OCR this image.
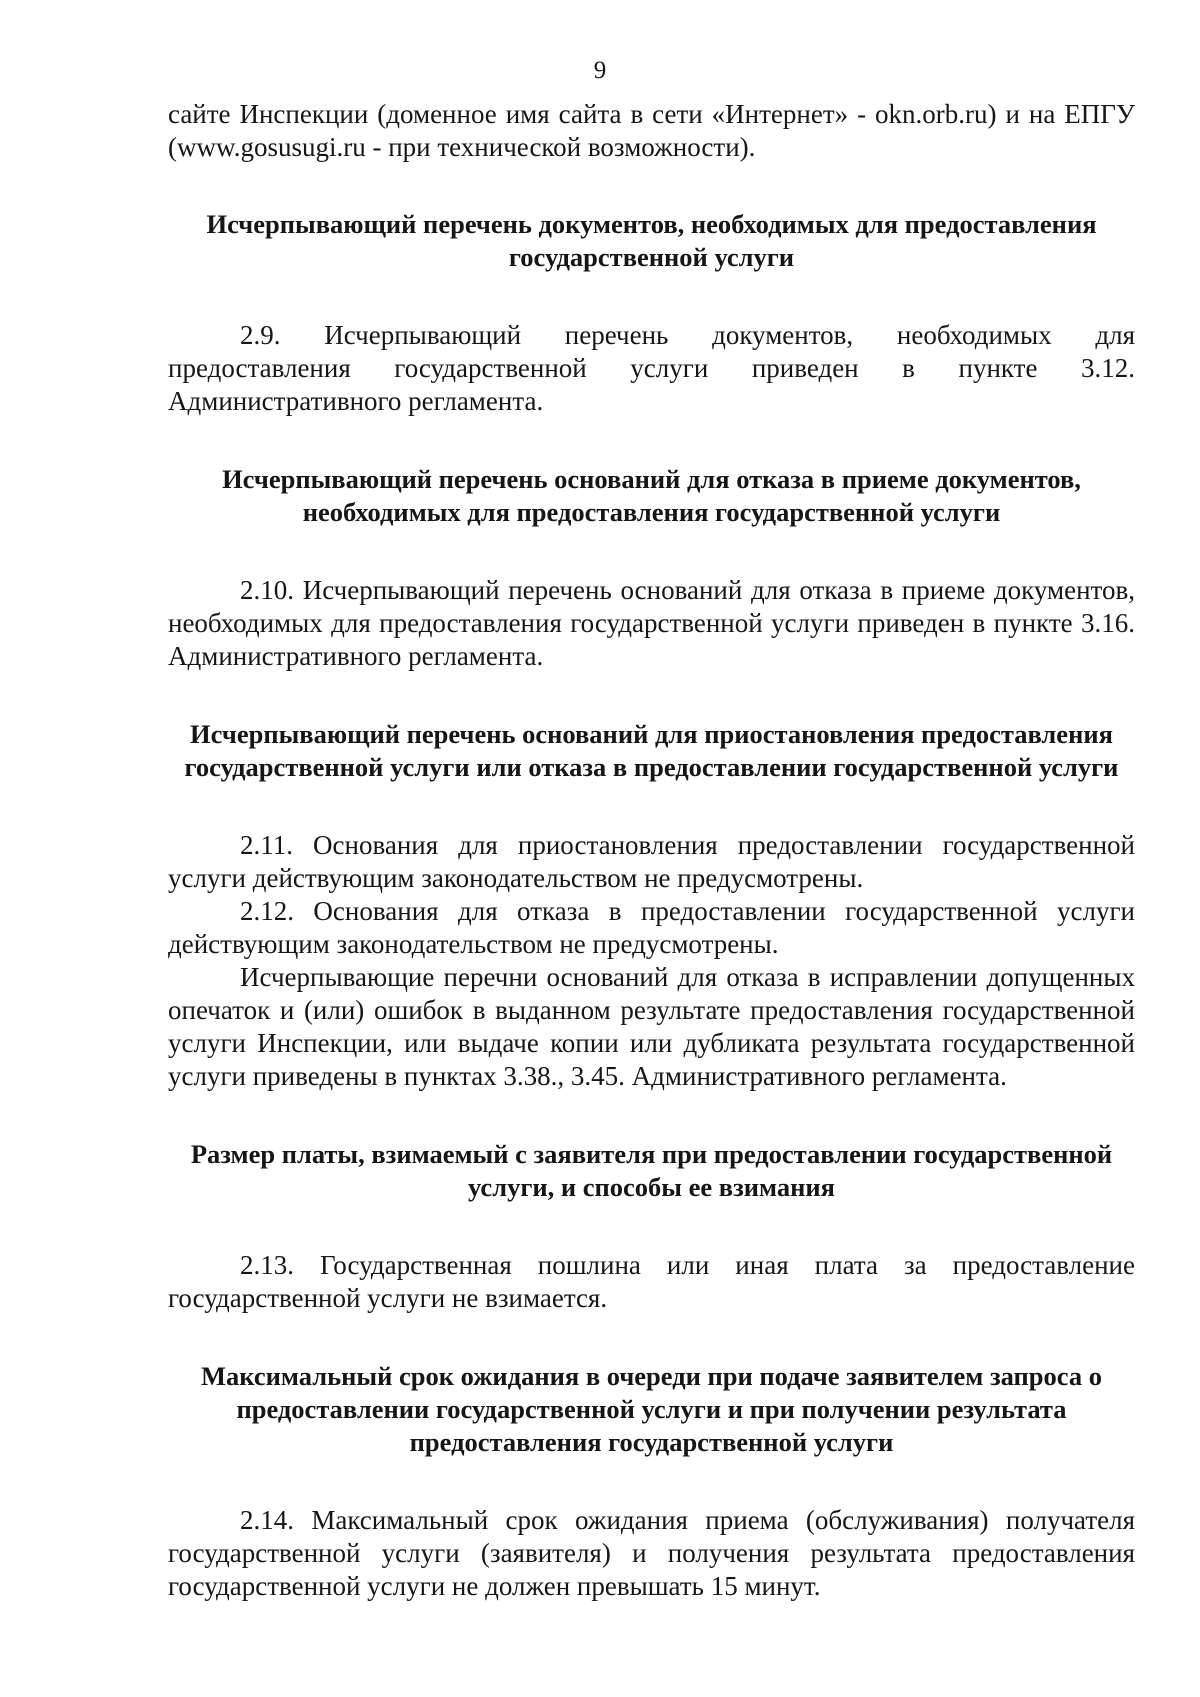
9

сайте Инспекции (доменное имя сайта в сети «Интернет» - okn.orb.ru) и на ЕПГУ (www.gosusugi.ru - при технической возможности).

Исчерпывающий перечень документов, необходимых для предоставления государственной услуги

2.9. Исчерпывающий перечень документов, необходимых для предоставления государственной услуги приведен в пункте 3.12. Административного регламента.

Исчерпывающий перечень оснований для отказа в приеме документов, необходимых для предоставления государственной услуги

2.10. Исчерпывающий перечень оснований для отказа в приеме документов, необходимых для предоставления государственной услуги приведен в пункте 3.16. Административного регламента.

Исчерпывающий перечень оснований для приостановления предоставления государственной услуги или отказа в предоставлении государственной услуги

2.11. Основания для приостановления предоставлении государственной услуги действующим законодательством не предусмотрены.

2.12. Основания для отказа в предоставлении государственной услуги действующим законодательством не предусмотрены.

Исчерпывающие перечни оснований для отказа в исправлении допущенных опечаток и (или) ошибок в выданном результате предоставления государственной услуги Инспекции, или выдаче копии или дубликата результата государственной услуги приведены в пунктах 3.38., 3.45. Административного регламента.

Размер платы, взимаемый с заявителя при предоставлении государственной услуги, и способы ее взимания

2.13. Государственная пошлина или иная плата за предоставление государственной услуги не взимается.

Максимальный срок ожидания в очереди при подаче заявителем запроса о предоставлении государственной услуги и при получении результата предоставления государственной услуги

2.14. Максимальный срок ожидания приема (обслуживания) получателя государственной услуги (заявителя) и получения результата предоставления государственной услуги не должен превышать 15 минут.
